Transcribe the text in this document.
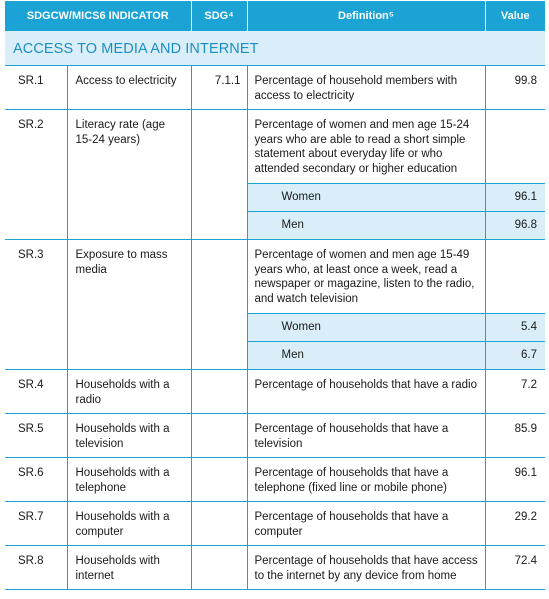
SDGCW/MICS6 INDICATOR		SDG⁴	Definition⁵	Value
ACCESS TO MEDIA AND INTERNET				
SR.1	Access to electricity	7.1.1	Percentage of household members with access to electricity	99.8
SR.2	Literacy rate (age 15-24 years)		Percentage of women and men age 15-24 years who are able to read a short simple statement about everyday life or who attended secondary or higher education	
			Women	96.1
			Men	96.8
SR.3	Exposure to mass media		Percentage of women and men age 15-49 years who, at least once a week, read a newspaper or magazine, listen to the radio, and watch television	
			Women	5.4
			Men	6.7
SR.4	Households with a radio		Percentage of households that have a radio	7.2
SR.5	Households with a television		Percentage of households that have a television	85.9
SR.6	Households with a telephone		Percentage of households that have a telephone (fixed line or mobile phone)	96.1
SR.7	Households with a computer		Percentage of households that have a computer	29.2
SR.8	Households with internet		Percentage of households that have access to the internet by any device from home	72.4
